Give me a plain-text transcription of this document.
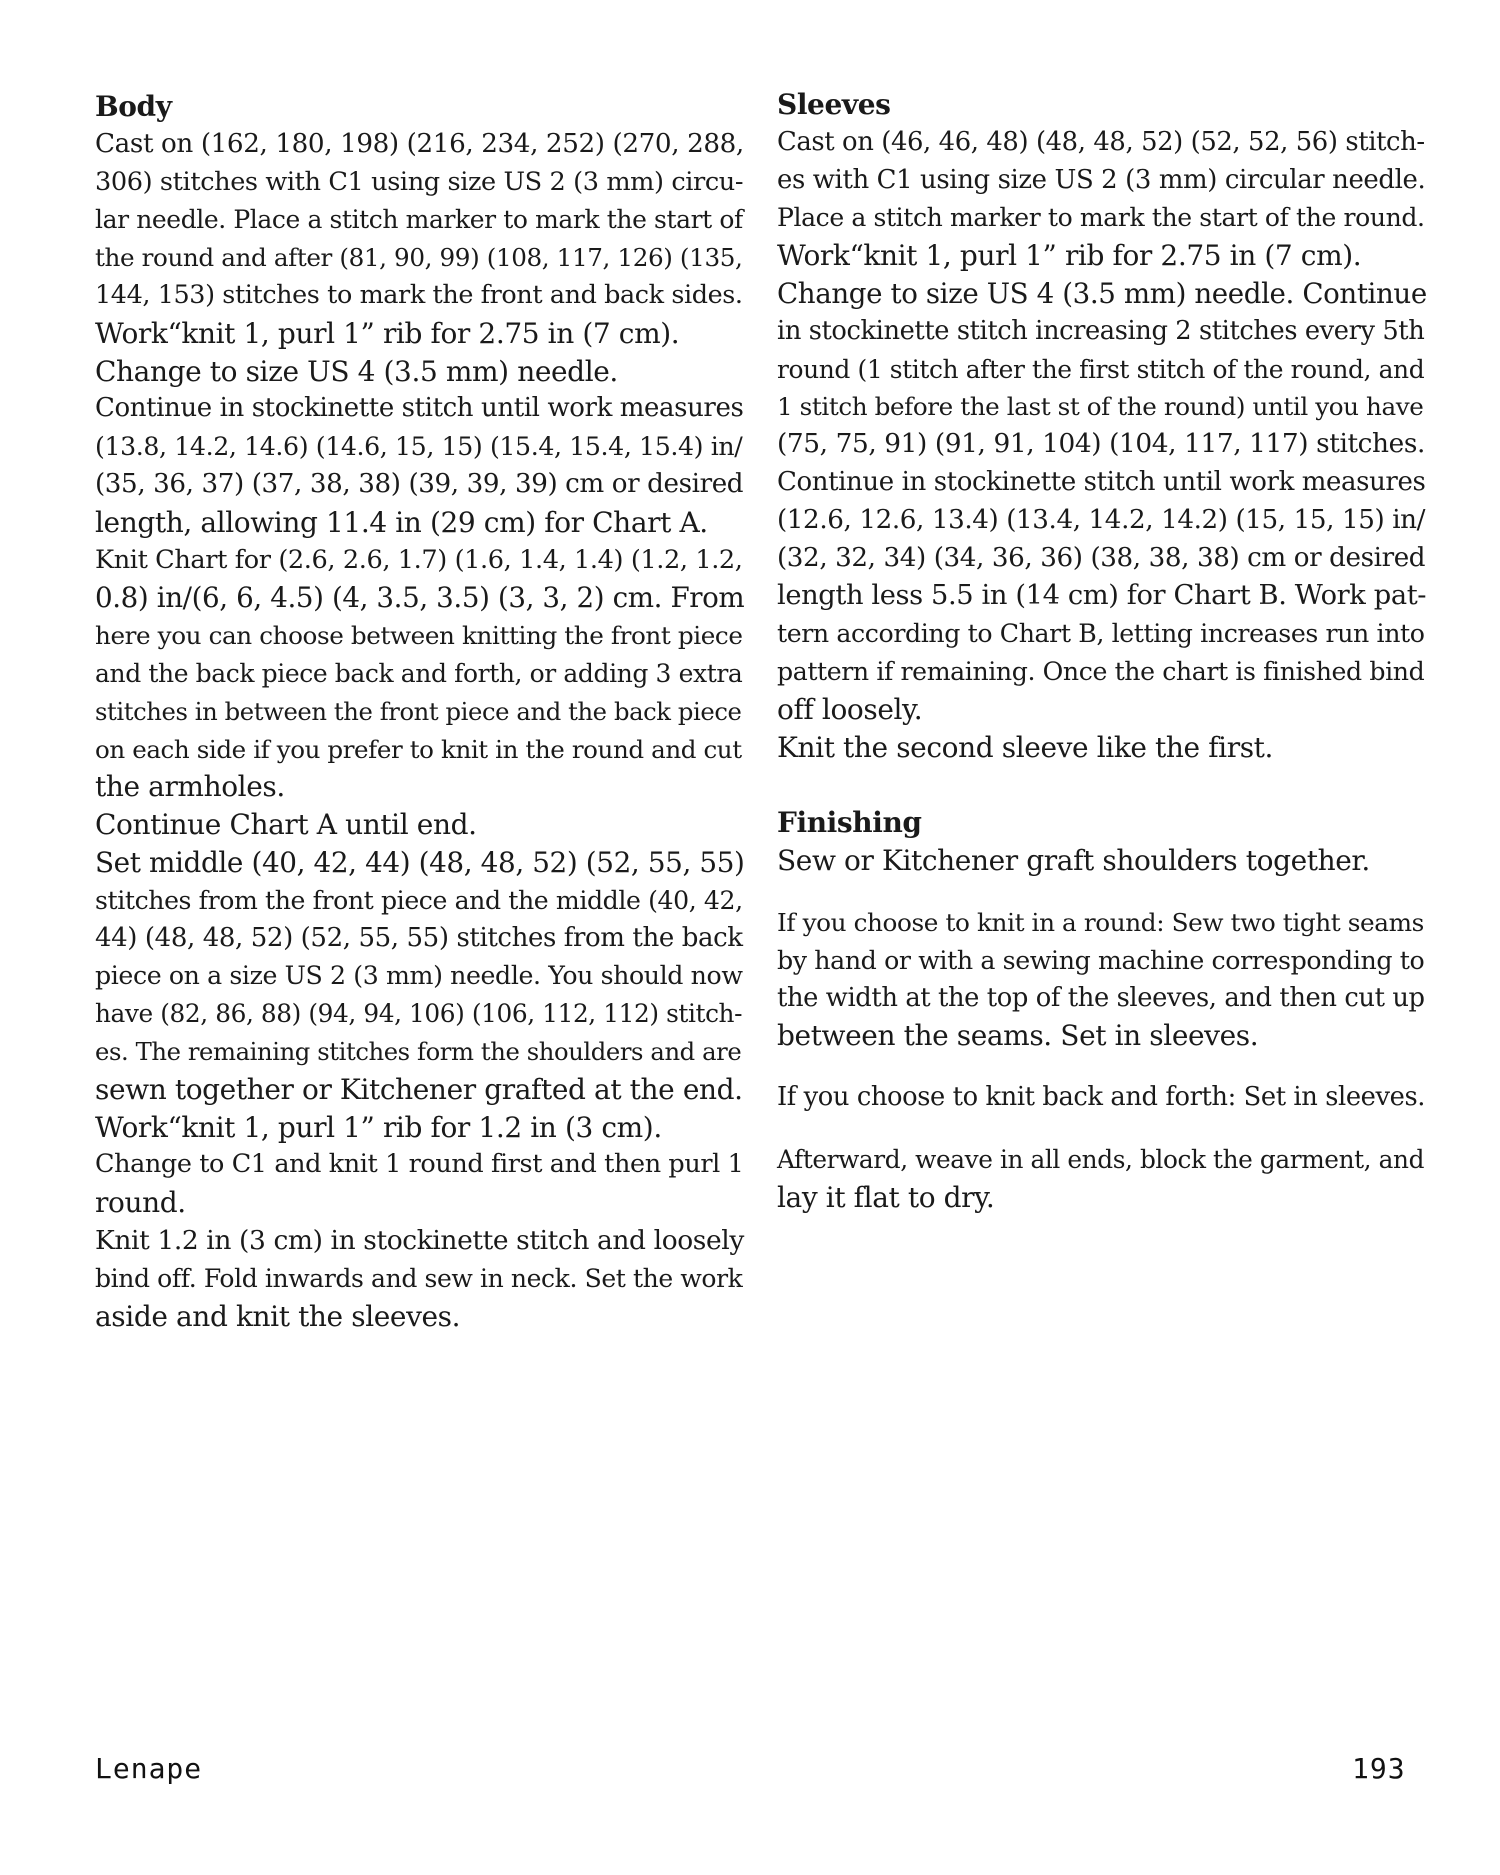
Body
Cast on (162, 180, 198) (216, 234, 252) (270, 288,
306) stitches with C1 using size US 2 (3 mm) circu-
lar needle. Place a stitch marker to mark the start of
the round and after (81, 90, 99) (108, 117, 126) (135,
144, 153) stitches to mark the front and back sides.
Work“knit 1, purl 1” rib for 2.75 in (7 cm).
Change to size US 4 (3.5 mm) needle.
Continue in stockinette stitch until work measures
(13.8, 14.2, 14.6) (14.6, 15, 15) (15.4, 15.4, 15.4) in/
(35, 36, 37) (37, 38, 38) (39, 39, 39) cm or desired
length, allowing 11.4 in (29 cm) for Chart A.
Knit Chart for (2.6, 2.6, 1.7) (1.6, 1.4, 1.4) (1.2, 1.2,
0.8) in/(6, 6, 4.5) (4, 3.5, 3.5) (3, 3, 2) cm. From
here you can choose between knitting the front piece
and the back piece back and forth, or adding 3 extra
stitches in between the front piece and the back piece
on each side if you prefer to knit in the round and cut
the armholes.
Continue Chart A until end.
Set middle (40, 42, 44) (48, 48, 52) (52, 55, 55)
stitches from the front piece and the middle (40, 42,
44) (48, 48, 52) (52, 55, 55) stitches from the back
piece on a size US 2 (3 mm) needle. You should now
have (82, 86, 88) (94, 94, 106) (106, 112, 112) stitch-
es. The remaining stitches form the shoulders and are
sewn together or Kitchener grafted at the end.
Work“knit 1, purl 1” rib for 1.2 in (3 cm).
Change to C1 and knit 1 round first and then purl 1
round.
Knit 1.2 in (3 cm) in stockinette stitch and loosely
bind off. Fold inwards and sew in neck. Set the work
aside and knit the sleeves.
Sleeves
Cast on (46, 46, 48) (48, 48, 52) (52, 52, 56) stitch-
es with C1 using size US 2 (3 mm) circular needle.
Place a stitch marker to mark the start of the round.
Work“knit 1, purl 1” rib for 2.75 in (7 cm).
Change to size US 4 (3.5 mm) needle. Continue
in stockinette stitch increasing 2 stitches every 5th
round (1 stitch after the first stitch of the round, and
1 stitch before the last st of the round) until you have
(75, 75, 91) (91, 91, 104) (104, 117, 117) stitches.
Continue in stockinette stitch until work measures
(12.6, 12.6, 13.4) (13.4, 14.2, 14.2) (15, 15, 15) in/
(32, 32, 34) (34, 36, 36) (38, 38, 38) cm or desired
length less 5.5 in (14 cm) for Chart B. Work pat-
tern according to Chart B, letting increases run into
pattern if remaining. Once the chart is finished bind
off loosely.
Knit the second sleeve like the first.
Finishing
Sew or Kitchener graft shoulders together.
If you choose to knit in a round: Sew two tight seams
by hand or with a sewing machine corresponding to
the width at the top of the sleeves, and then cut up
between the seams. Set in sleeves.
If you choose to knit back and forth: Set in sleeves.
Afterward, weave in all ends, block the garment, and
lay it flat to dry.
Lenape	193
